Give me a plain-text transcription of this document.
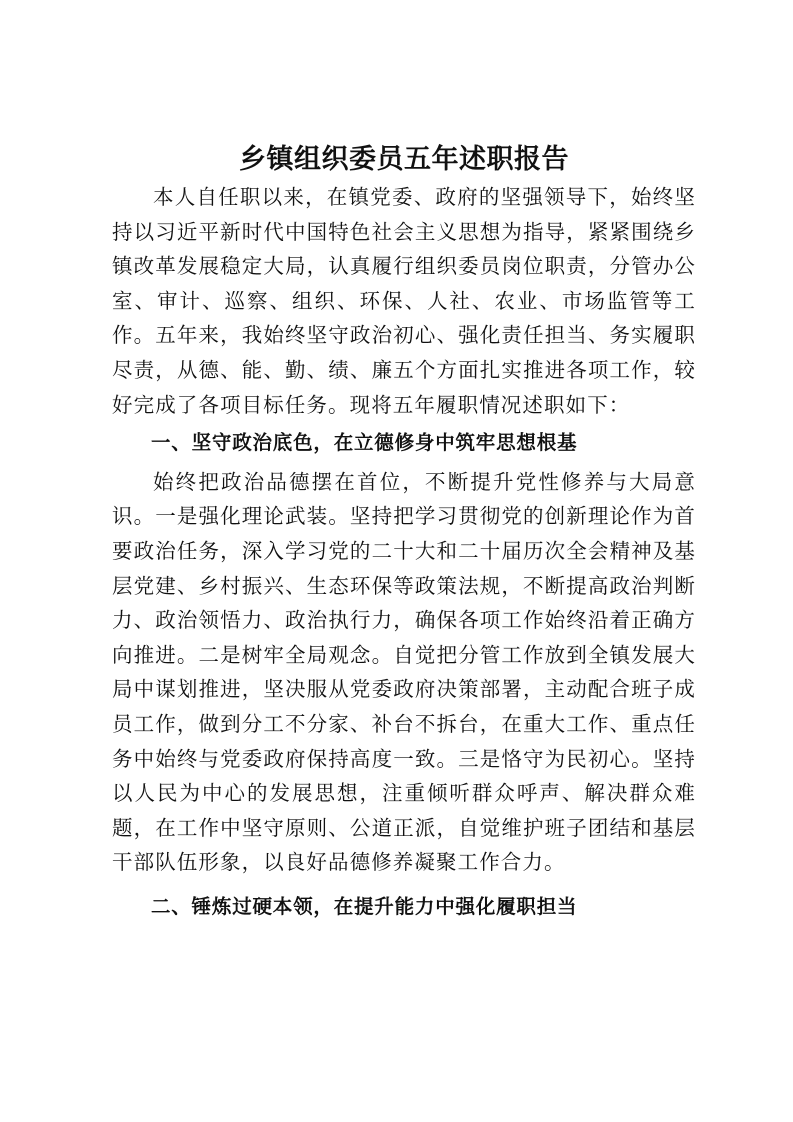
乡镇组织委员五年述职报告

本人自任职以来，在镇党委、政府的坚强领导下，始终坚持以习近平新时代中国特色社会主义思想为指导，紧紧围绕乡镇改革发展稳定大局，认真履行组织委员岗位职责，分管办公室、审计、巡察、组织、环保、人社、农业、市场监管等工作。五年来，我始终坚守政治初心、强化责任担当、务实履职尽责，从德、能、勤、绩、廉五个方面扎实推进各项工作，较好完成了各项目标任务。现将五年履职情况述职如下：

一、坚守政治底色，在立德修身中筑牢思想根基

始终把政治品德摆在首位，不断提升党性修养与大局意识。一是强化理论武装。坚持把学习贯彻党的创新理论作为首要政治任务，深入学习党的二十大和二十届历次全会精神及基层党建、乡村振兴、生态环保等政策法规，不断提高政治判断力、政治领悟力、政治执行力，确保各项工作始终沿着正确方向推进。二是树牢全局观念。自觉把分管工作放到全镇发展大局中谋划推进，坚决服从党委政府决策部署，主动配合班子成员工作，做到分工不分家、补台不拆台，在重大工作、重点任务中始终与党委政府保持高度一致。三是恪守为民初心。坚持以人民为中心的发展思想，注重倾听群众呼声、解决群众难题，在工作中坚守原则、公道正派，自觉维护班子团结和基层干部队伍形象，以良好品德修养凝聚工作合力。

二、锤炼过硬本领，在提升能力中强化履职担当
